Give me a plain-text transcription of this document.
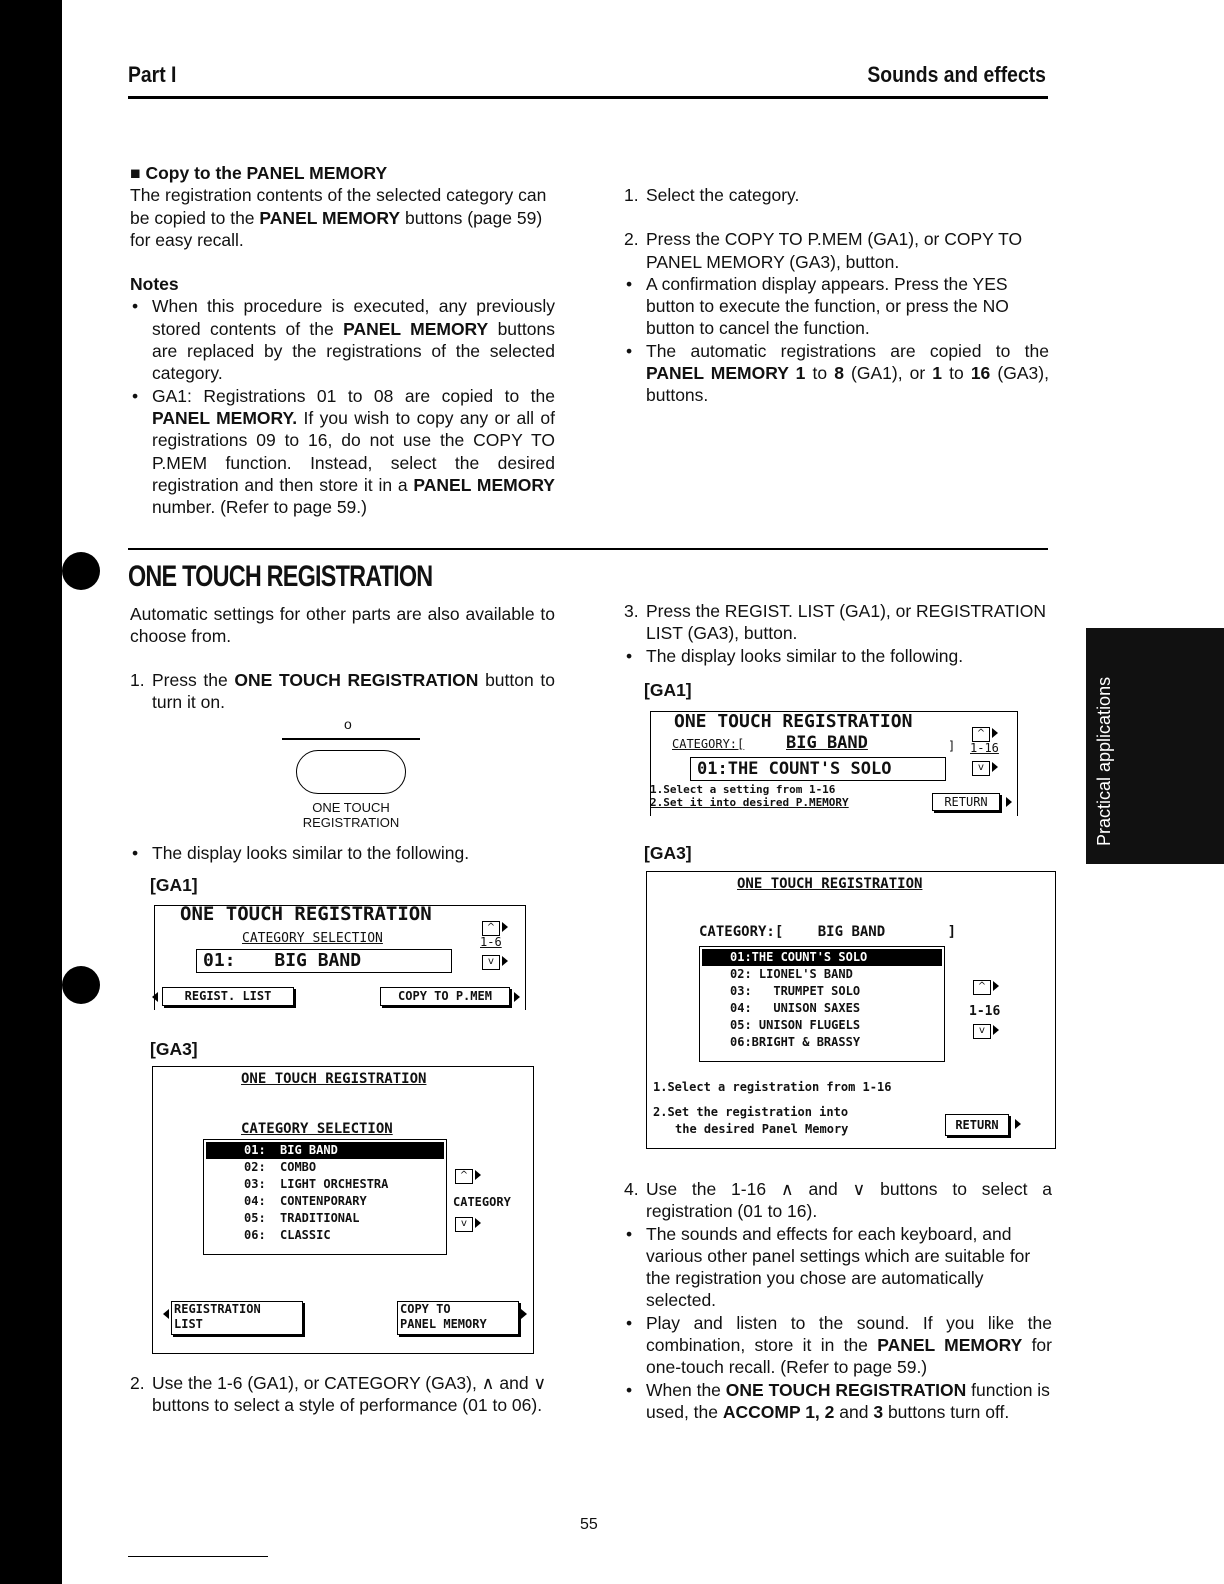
Part I	Sounds and effects
Practical applications

■ Copy to the PANEL MEMORY

The registration contents of the selected category can be copied to the PANEL MEMORY buttons (page 59) for easy recall.

Notes

• When this procedure is executed, any previously stored contents of the PANEL MEMORY buttons are replaced by the registrations of the selected category.
• GA1: Registrations 01 to 08 are copied to the PANEL MEMORY. If you wish to copy any or all of registrations 09 to 16, do not use the COPY TO P.MEM function. Instead, select the desired registration and then store it in a PANEL MEMORY number. (Refer to page 59.)
1. Select the category.
2. Press the COPY TO P.MEM (GA1), or COPY TO PANEL MEMORY (GA3), button.
• A confirmation display appears. Press the YES button to execute the function, or press the NO button to cancel the function.
• The automatic registrations are copied to the PANEL MEMORY 1 to 8 (GA1), or 1 to 16 (GA3), buttons.
ONE TOUCH REGISTRATION

Automatic settings for other parts are also available to choose from.

1. Press the ONE TOUCH REGISTRATION button to turn it on.
o
ONE TOUCH
REGISTRATION
• The display looks similar to the following.
[GA1]
ONE TOUCH REGISTRATION
CATEGORY SELECTION
01: BIG BAND
^
1-6
v
REGIST. LIST	COPY TO P.MEM
[GA3]
ONE TOUCH REGISTRATION
CATEGORY SELECTION
01: BIG BAND
02: COMBO
03: LIGHT ORCHESTRA
04: CONTENPORARY
05: TRADITIONAL
06: CLASSIC
^
CATEGORY
v
REGISTRATION
LIST
COPY TO
PANEL MEMORY
2. Use the 1-6 (GA1), or CATEGORY (GA3), ∧ and ∨ buttons to select a style of performance (01 to 06).
3. Press the REGIST. LIST (GA1), or REGISTRATION LIST (GA3), button.
• The display looks similar to the following.
[GA1]
ONE TOUCH REGISTRATION
CATEGORY:[ BIG BAND	]
01:THE COUNT'S SOLO
^
1-16
v
1.Select a setting from 1-16
2.Set it into desired P.MEMORY	RETURN
[GA3]
ONE TOUCH REGISTRATION
CATEGORY:[ BIG BAND	]
01:THE COUNT'S SOLO
02: LIONEL'S BAND
03:   TRUMPET SOLO
04:   UNISON SAXES
05: UNISON FLUGELS
06:BRIGHT & BRASSY
^
1-16
v
1.Select a registration from 1-16
2.Set the registration into
the desired Panel Memory	RETURN
4. Use the 1-16 ∧ and ∨ buttons to select a registration (01 to 16).
• The sounds and effects for each keyboard, and various other panel settings which are suitable for the registration you chose are automatically selected.
• Play and listen to the sound. If you like the combination, store it in the PANEL MEMORY for one-touch recall. (Refer to page 59.)
• When the ONE TOUCH REGISTRATION function is used, the ACCOMP 1, 2 and 3 buttons turn off.
55
